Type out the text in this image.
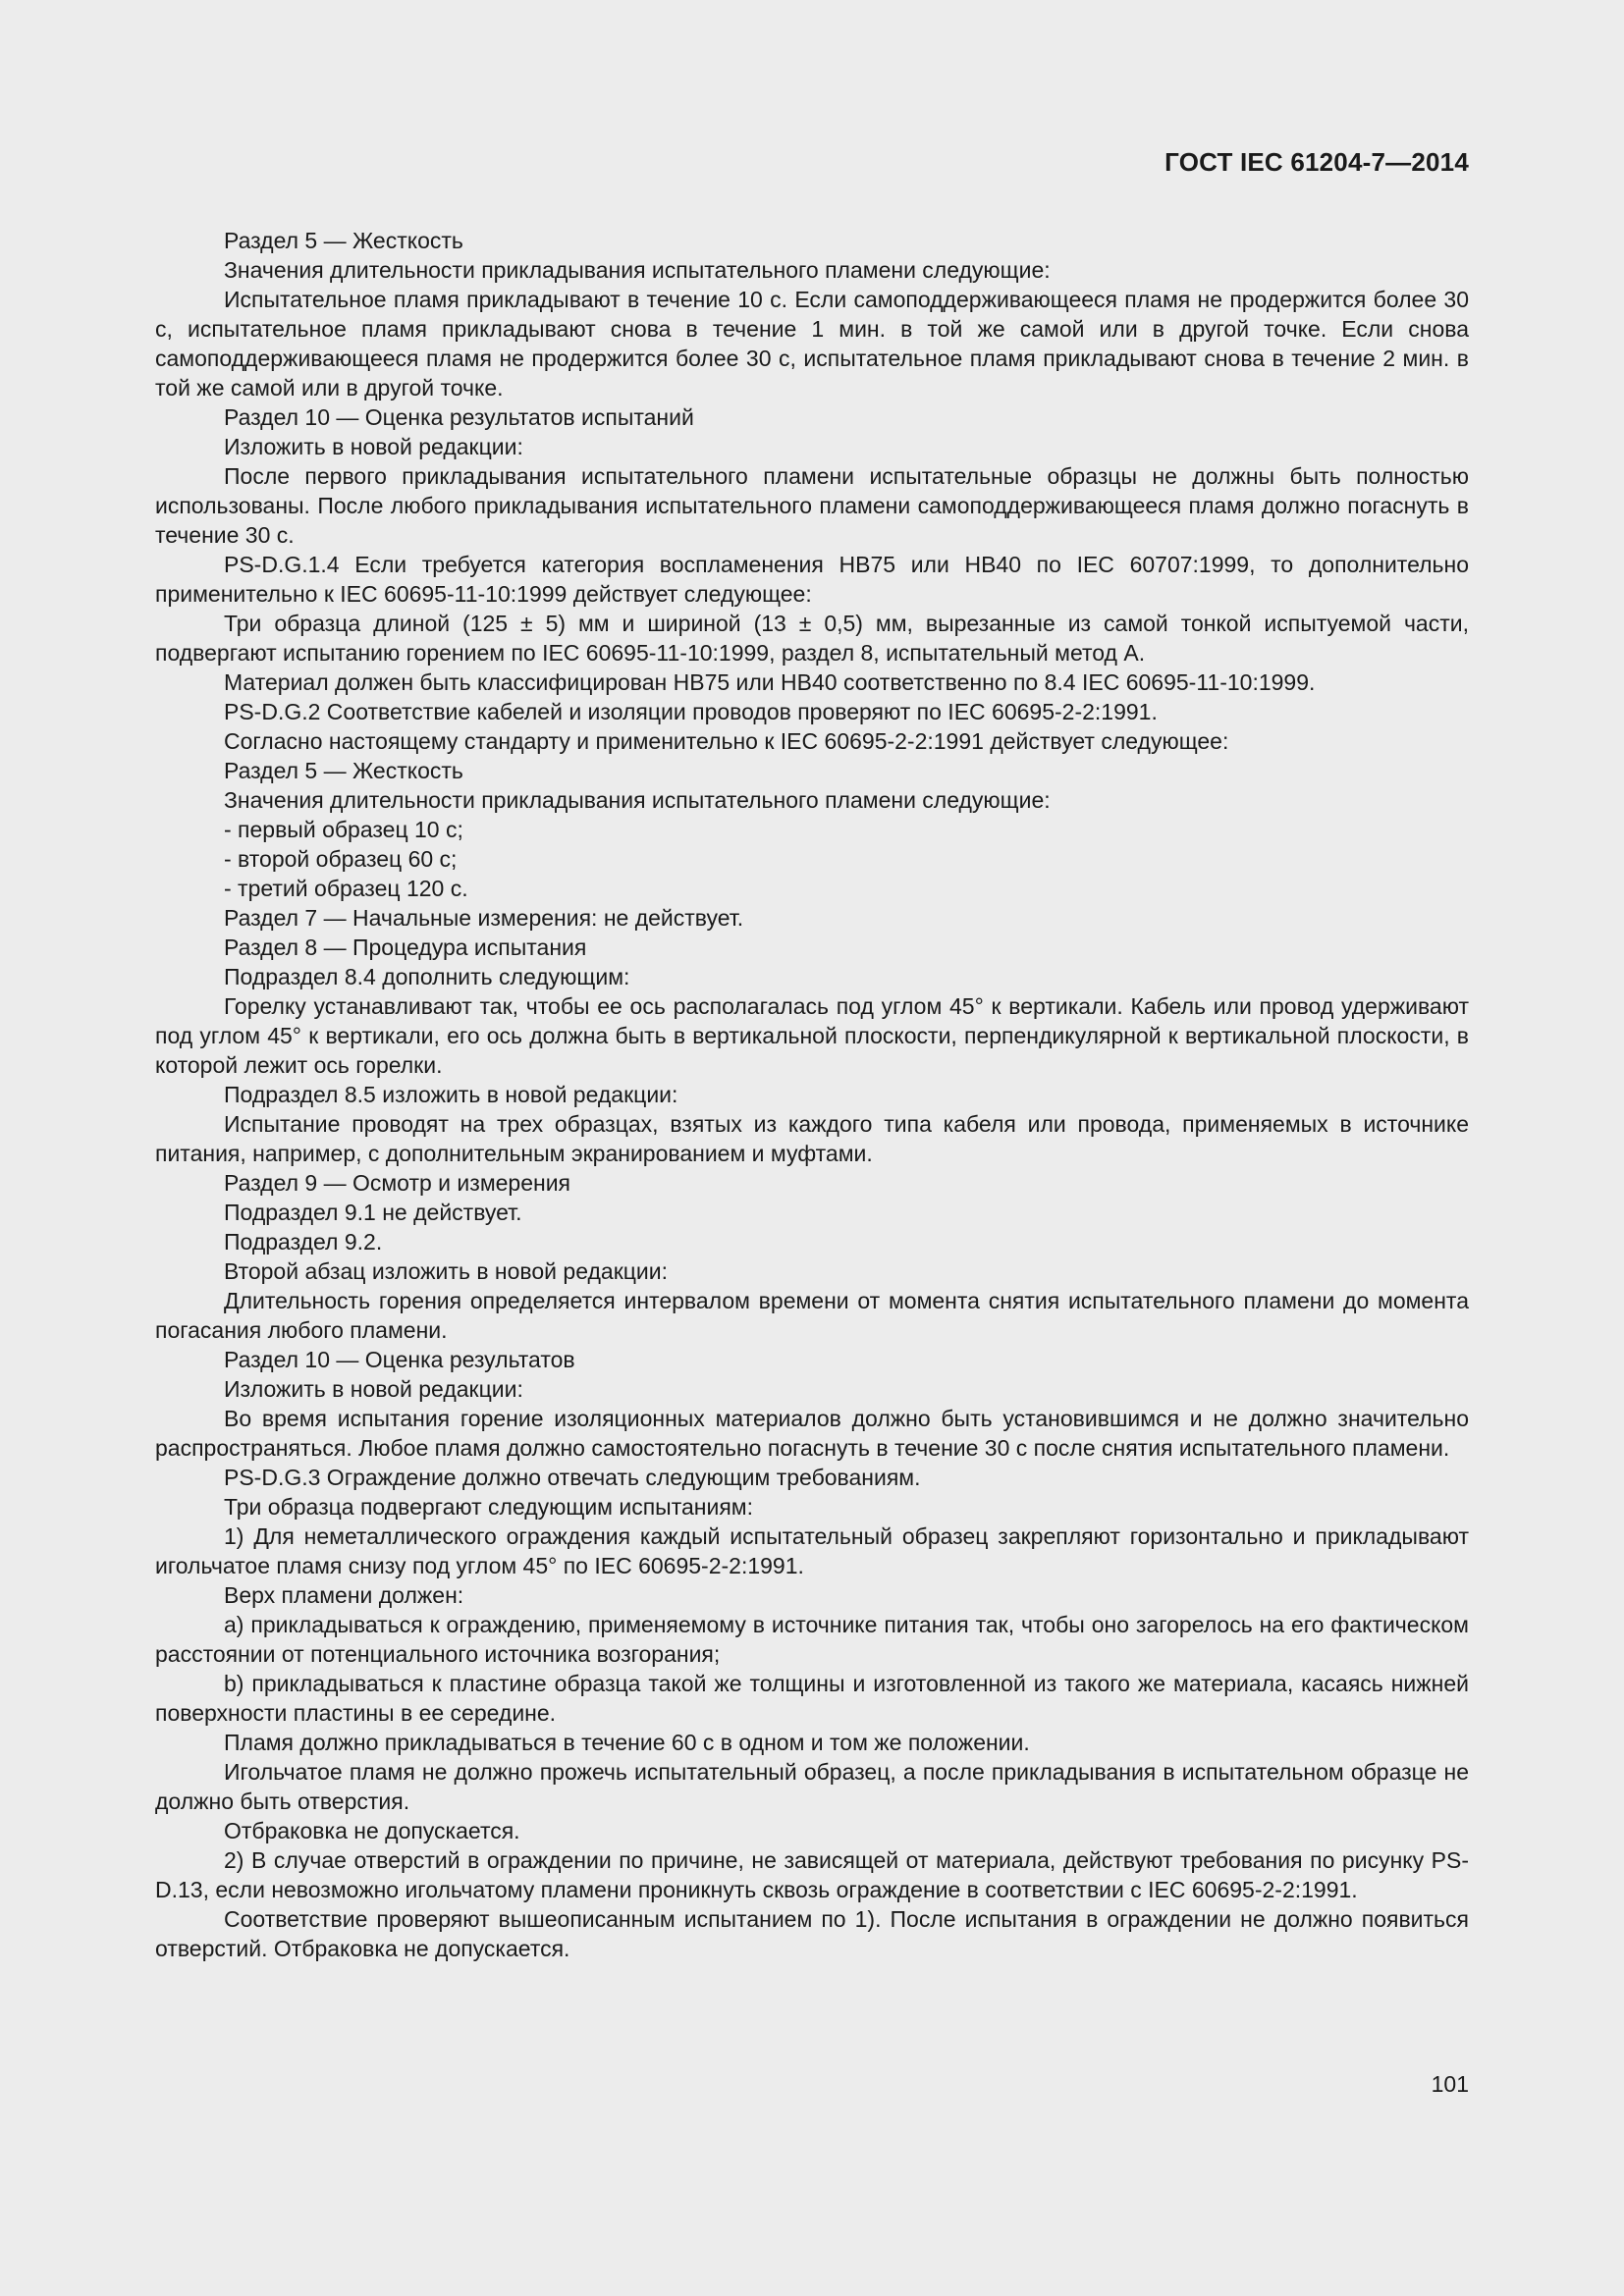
ГОСТ IEC 61204-7—2014

Раздел 5 — Жесткость

Значения длительности прикладывания испытательного пламени следующие:

Испытательное пламя прикладывают в течение 10 с. Если самоподдерживающееся пламя не продержится более 30 с, испытательное пламя прикладывают снова в течение 1 мин. в той же самой или в другой точке. Если снова самоподдерживающееся пламя не продержится более 30 с, испытательное пламя прикладывают снова в течение 2 мин. в той же самой или в другой точке.

Раздел 10 — Оценка результатов испытаний

Изложить в новой редакции:

После первого прикладывания испытательного пламени испытательные образцы не должны быть полностью использованы. После любого прикладывания испытательного пламени самоподдерживающееся пламя должно погаснуть в течение 30 с.

PS-D.G.1.4 Если требуется категория воспламенения НВ75 или НВ40 по IEC 60707:1999, то дополнительно применительно к IEC 60695-11-10:1999 действует следующее:

Три образца длиной (125 ± 5) мм и шириной (13 ± 0,5) мм, вырезанные из самой тонкой испытуемой части, подвергают испытанию горением по IEC 60695-11-10:1999, раздел 8, испытательный метод А.

Материал должен быть классифицирован НВ75 или НВ40 соответственно по 8.4 IEC 60695-11-10:1999.

PS-D.G.2 Соответствие кабелей и изоляции проводов проверяют по IEC 60695-2-2:1991.

Согласно настоящему стандарту и применительно к IEC 60695-2-2:1991 действует следующее:

Раздел 5 — Жесткость

Значения длительности прикладывания испытательного пламени следующие:

- первый образец 10 с;

- второй образец 60 с;

- третий образец 120 с.

Раздел 7 — Начальные измерения: не действует.

Раздел 8 — Процедура испытания

Подраздел 8.4 дополнить следующим:

Горелку устанавливают так, чтобы ее ось располагалась под углом 45° к вертикали. Кабель или провод удерживают под углом 45° к вертикали, его ось должна быть в вертикальной плоскости, перпендикулярной к вертикальной плоскости, в которой лежит ось горелки.

Подраздел 8.5 изложить в новой редакции:

Испытание проводят на трех образцах, взятых из каждого типа кабеля или провода, применяемых в источнике питания, например, с дополнительным экранированием и муфтами.

Раздел 9 — Осмотр и измерения

Подраздел 9.1 не действует.

Подраздел 9.2.

Второй абзац изложить в новой редакции:

Длительность горения определяется интервалом времени от момента снятия испытательного пламени до момента погасания любого пламени.

Раздел 10 — Оценка результатов

Изложить в новой редакции:

Во время испытания горение изоляционных материалов должно быть установившимся и не должно значительно распространяться. Любое пламя должно самостоятельно погаснуть в течение 30 с после снятия испытательного пламени.

PS-D.G.3 Ограждение должно отвечать следующим требованиям.

Три образца подвергают следующим испытаниям:

1) Для неметаллического ограждения каждый испытательный образец закрепляют горизонтально и прикладывают игольчатое пламя снизу под углом 45° по IEC 60695-2-2:1991.

Верх пламени должен:

а) прикладываться к ограждению, применяемому в источнике питания так, чтобы оно загорелось на его фактическом расстоянии от потенциального источника возгорания;

b) прикладываться к пластине образца такой же толщины и изготовленной из такого же материала, касаясь нижней поверхности пластины в ее середине.

Пламя должно прикладываться в течение 60 с в одном и том же положении.

Игольчатое пламя не должно прожечь испытательный образец, а после прикладывания в испытательном образце не должно быть отверстия.

Отбраковка не допускается.

2) В случае отверстий в ограждении по причине, не зависящей от материала, действуют требования по рисунку PS-D.13, если невозможно игольчатому пламени проникнуть сквозь ограждение в соответствии с IEC 60695-2-2:1991.

Соответствие проверяют вышеописанным испытанием по 1). После испытания в ограждении не должно появиться отверстий. Отбраковка не допускается.

101
